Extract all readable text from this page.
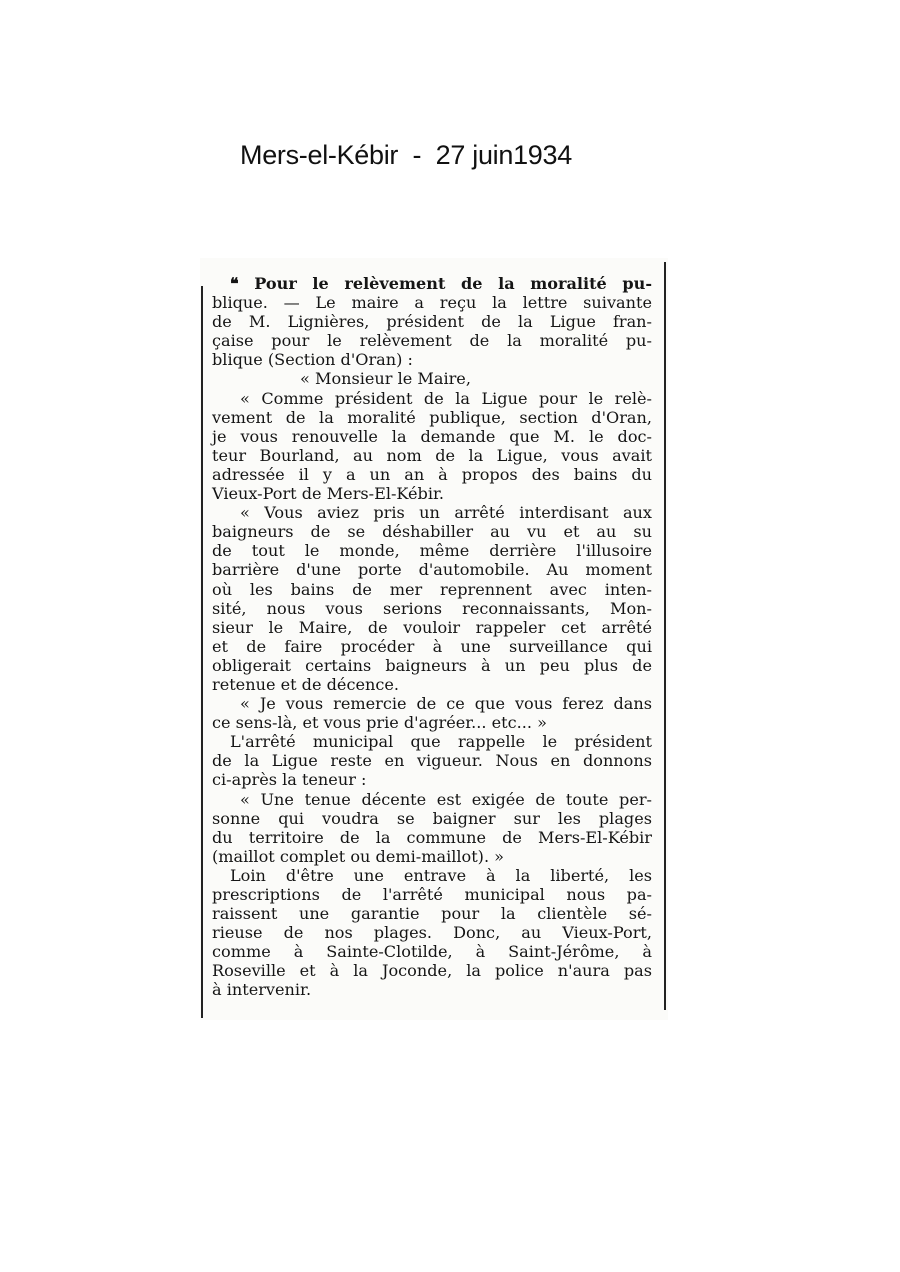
Mers-el-Kébir  -  27 juin1934
❝ Pour le relèvement de la moralité pu-
blique. — Le maire a reçu la lettre suivante
de M. Lignières, président de la Ligue fran-
çaise pour le relèvement de la moralité pu-
blique (Section d'Oran) :
« Monsieur le Maire,
« Comme président de la Ligue pour le relè-
vement de la moralité publique, section d'Oran,
je vous renouvelle la demande que M. le doc-
teur Bourland, au nom de la Ligue, vous avait
adressée il y a un an à propos des bains du
Vieux-Port de Mers-El-Kébir.
« Vous aviez pris un arrêté interdisant aux
baigneurs de se déshabiller au vu et au su
de tout le monde, même derrière l'illusoire
barrière d'une porte d'automobile. Au moment
où les bains de mer reprennent avec inten-
sité, nous vous serions reconnaissants, Mon-
sieur le Maire, de vouloir rappeler cet arrêté
et de faire procéder à une surveillance qui
obligerait certains baigneurs à un peu plus de
retenue et de décence.
« Je vous remercie de ce que vous ferez dans
ce sens-là, et vous prie d'agréer... etc... »
L'arrêté municipal que rappelle le président
de la Ligue reste en vigueur. Nous en donnons
ci-après la teneur :
« Une tenue décente est exigée de toute per-
sonne qui voudra se baigner sur les plages
du territoire de la commune de Mers-El-Kébir
(maillot complet ou demi-maillot). »
Loin d'être une entrave à la liberté, les
prescriptions de l'arrêté municipal nous pa-
raissent une garantie pour la clientèle sé-
rieuse de nos plages. Donc, au Vieux-Port,
comme à Sainte-Clotilde, à Saint-Jérôme, à
Roseville et à la Joconde, la police n'aura pas
à intervenir.
